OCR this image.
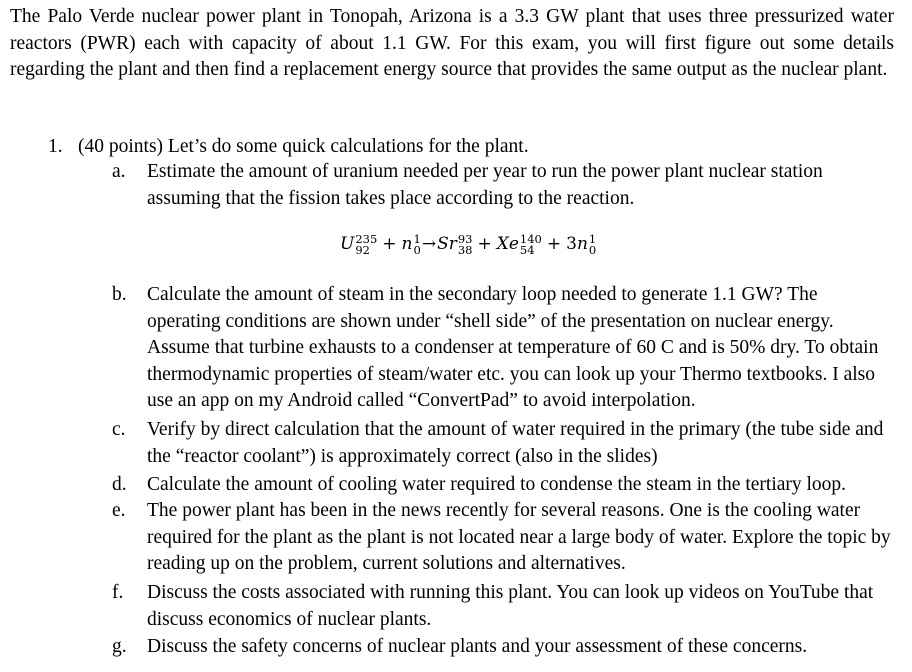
The Palo Verde nuclear power plant in Tonopah, Arizona is a 3.3 GW plant that uses three pressurized water reactors (PWR) each with capacity of about 1.1 GW. For this exam, you will first figure out some details regarding the plant and then find a replacement energy source that provides the same output as the nuclear plant.

1. (40 points) Let’s do some quick calculations for the plant.
a.	Estimate the amount of uranium needed per year to run the power plant nuclear station assuming that the fission takes place according to the reaction.
U 235
92 + n 1
0 →Sr 93
38 + Xe 140
54 + 3n 1
0
b.	Calculate the amount of steam in the secondary loop needed to generate 1.1 GW? The operating conditions are shown under “shell side” of the presentation on nuclear energy. Assume that turbine exhausts to a condenser at temperature of 60 C and is 50% dry. To obtain thermodynamic properties of steam/water etc. you can look up your Thermo textbooks. I also use an app on my Android called “ConvertPad” to avoid interpolation.
c.	Verify by direct calculation that the amount of water required in the primary (the tube side and the “reactor coolant”) is approximately correct (also in the slides)
d.	Calculate the amount of cooling water required to condense the steam in the tertiary loop.
e.	The power plant has been in the news recently for several reasons. One is the cooling water required for the plant as the plant is not located near a large body of water. Explore the topic by reading up on the problem, current solutions and alternatives.
f.	Discuss the costs associated with running this plant. You can look up videos on YouTube that discuss economics of nuclear plants.
g.	Discuss the safety concerns of nuclear plants and your assessment of these concerns.
